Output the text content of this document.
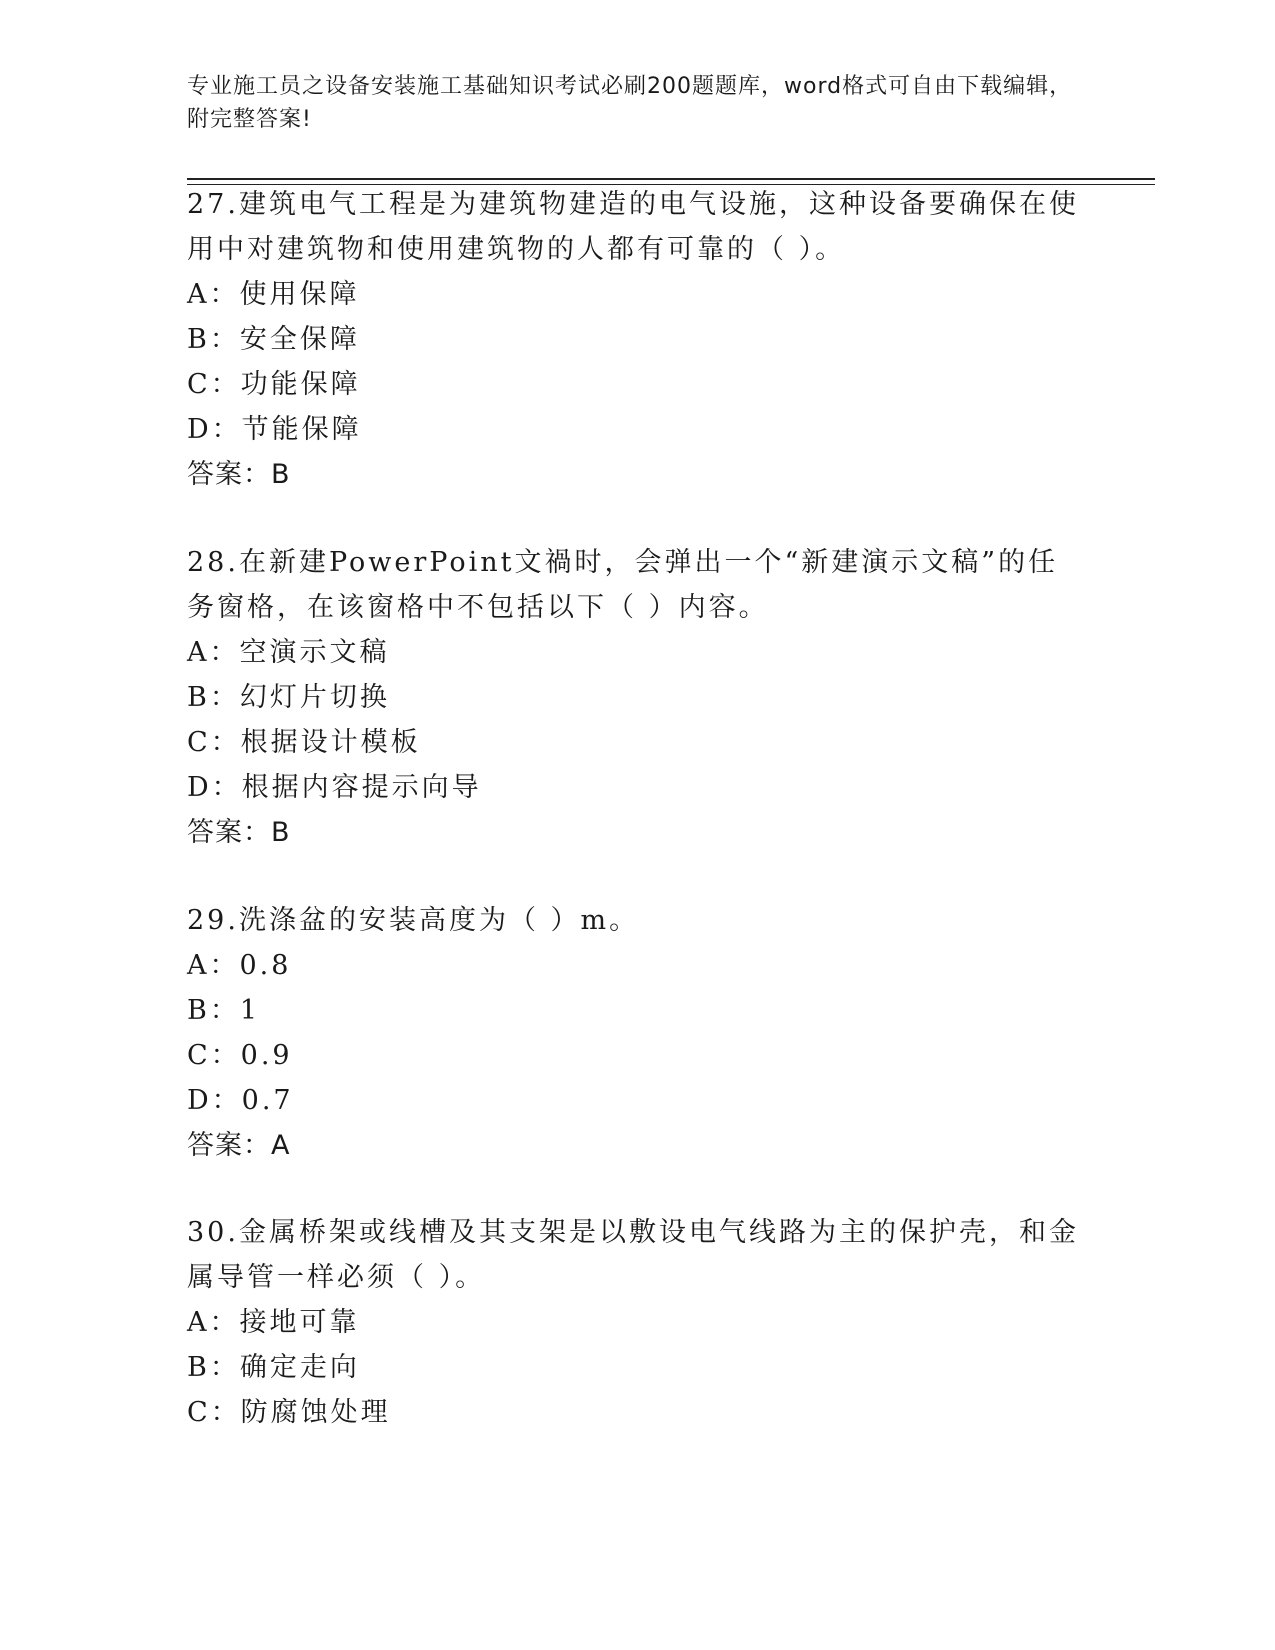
专业施工员之设备安装施工基础知识考试必刷200题题库，word格式可自由下载编辑，附完整答案!

27.建筑电气工程是为建筑物建造的电气设施，这种设备要确保在使用中对建筑物和使用建筑物的人都有可靠的（ ）。

A：使用保障
B：安全保障
C：功能保障
D：节能保障
答案：B

28.在新建PowerPoint文禍时，会弹出一个“新建演示文稿”的任务窗格，在该窗格中不包括以下（ ）内容。

A：空演示文稿
B：幻灯片切换
C：根据设计模板
D：根据内容提示向导
答案：B

29.洗涤盆的安装高度为（ ）m。

A：0.8
B：1
C：0.9
D：0.7
答案：A

30.金属桥架或线槽及其支架是以敷设电气线路为主的保护壳，和金属导管一样必须（ ）。

A：接地可靠
B：确定走向
C：防腐蚀处理
